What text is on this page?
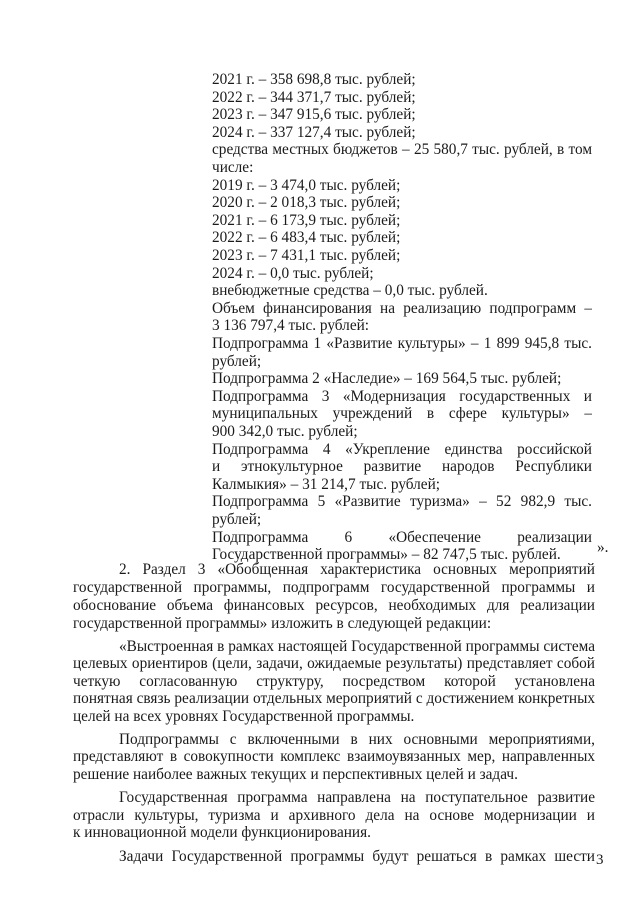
2021 г. – 358 698,8 тыс. рублей;

2022 г. – 344 371,7 тыс. рублей;

2023 г. – 347 915,6 тыс. рублей;

2024 г. – 337 127,4 тыс. рублей;

средства местных бюджетов – 25 580,7 тыс. рублей, в том

числе:

2019 г. – 3 474,0 тыс. рублей;

2020 г. – 2 018,3 тыс. рублей;

2021 г. – 6 173,9 тыс. рублей;

2022 г. – 6 483,4 тыс. рублей;

2023 г. – 7 431,1 тыс. рублей;

2024 г. – 0,0 тыс. рублей;

внебюджетные средства – 0,0 тыс. рублей.

Объем финансирования на реализацию подпрограмм –

3 136 797,4 тыс. рублей:

Подпрограмма 1 «Развитие культуры» – 1 899 945,8 тыс.

рублей;

Подпрограмма 2 «Наследие» – 169 564,5 тыс. рублей;

Подпрограмма 3 «Модернизация государственных и

муниципальных учреждений в сфере культуры» –

900 342,0 тыс. рублей;

Подпрограмма 4 «Укрепление единства российской

и этнокультурное развитие народов Республики

Калмыкия» – 31 214,7 тыс. рублей;

Подпрограмма 5 «Развитие туризма» – 52 982,9 тыс.

рублей;

Подпрограмма 6 «Обеспечение реализации

Государственной программы» – 82 747,5 тыс. рублей. ».

2. Раздел 3 «Обобщенная характеристика основных мероприятий

государственной программы, подпрограмм государственной программы и

обоснование объема финансовых ресурсов, необходимых для реализации

государственной программы» изложить в следующей редакции:

«Выстроенная в рамках настоящей Государственной программы система

целевых ориентиров (цели, задачи, ожидаемые результаты) представляет собой

четкую согласованную структуру, посредством которой установлена

понятная связь реализации отдельных мероприятий с достижением конкретных

целей на всех уровнях Государственной программы.

Подпрограммы с включенными в них основными мероприятиями,

представляют в совокупности комплекс взаимоувязанных мер, направленных

решение наиболее важных текущих и перспективных целей и задач.

Государственная программа направлена на поступательное развитие

отрасли культуры, туризма и архивного дела на основе модернизации и

к инновационной модели функционирования.

Задачи Государственной программы будут решаться в рамках шести 3
